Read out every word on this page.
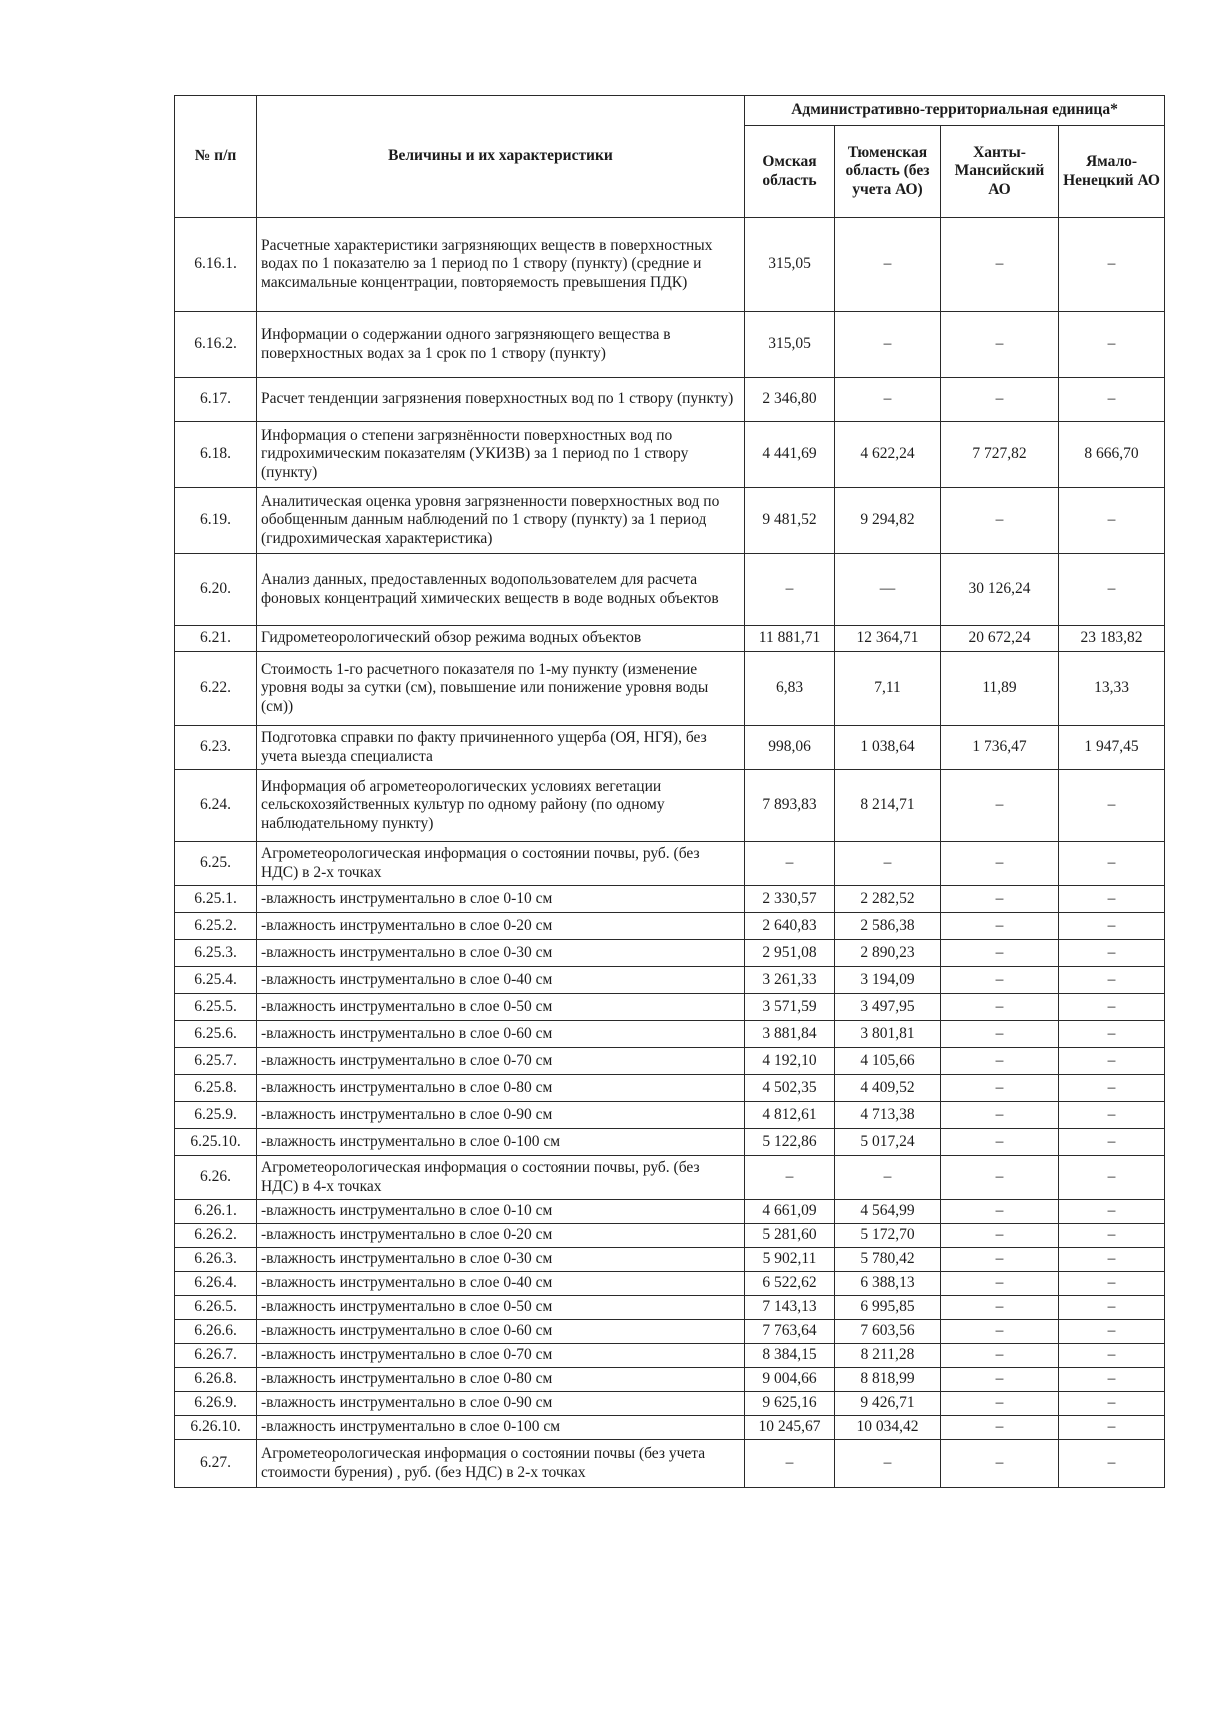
№ п/п	Величины и их характеристики	Административно-территориальная единица*			
		Омская область	Тюменская область (без учета АО)	Ханты-Мансийский АО	Ямало-Ненецкий АО
6.16.1.	Расчетные характеристики загрязняющих веществ в поверхностных водах по 1 показателю за 1 период по 1 створу (пункту) (средние и максимальные концентрации, повторяемость превышения ПДК)	315,05	–	–	–
6.16.2.	Информации о содержании одного загрязняющего вещества в поверхностных водах за 1 срок по 1 створу (пункту)	315,05	–	–	–
6.17.	Расчет тенденции загрязнения поверхностных вод по 1 створу (пункту)	2 346,80	–	–	–
6.18.	Информация о степени загрязнённости поверхностных вод по гидрохимическим показателям (УКИЗВ) за 1 период по 1 створу (пункту)	4 441,69	4 622,24	7 727,82	8 666,70
6.19.	Аналитическая оценка уровня загрязненности поверхностных вод по обобщенным данным наблюдений по 1 створу (пункту) за 1 период (гидрохимическая характеристика)	9 481,52	9 294,82	–	–
6.20.	Анализ данных, предоставленных водопользователем для расчета фоновых концентраций химических веществ в воде водных объектов	–	—	30 126,24	–
6.21.	Гидрометеорологический обзор режима водных объектов	11 881,71	12 364,71	20 672,24	23 183,82
6.22.	Стоимость 1-го расчетного показателя по 1-му пункту (изменение уровня воды за сутки (см), повышение или понижение уровня воды (см))	6,83	7,11	11,89	13,33
6.23.	Подготовка справки по факту причиненного ущерба (ОЯ, НГЯ), без учета выезда специалиста	998,06	1 038,64	1 736,47	1 947,45
6.24.	Информация об агрометеорологических условиях вегетации сельскохозяйственных культур по одному району (по одному наблюдательному пункту)	7 893,83	8 214,71	–	–
6.25.	Агрометеорологическая информация о состоянии почвы, руб. (без НДС) в 2-х точках	–	–	–	–
6.25.1.	-влажность инструментально в слое 0-10 см	2 330,57	2 282,52	–	–
6.25.2.	-влажность инструментально в слое 0-20 см	2 640,83	2 586,38	–	–
6.25.3.	-влажность инструментально в слое 0-30 см	2 951,08	2 890,23	–	–
6.25.4.	-влажность инструментально в слое 0-40 см	3 261,33	3 194,09	–	–
6.25.5.	-влажность инструментально в слое 0-50 см	3 571,59	3 497,95	–	–
6.25.6.	-влажность инструментально в слое 0-60 см	3 881,84	3 801,81	–	–
6.25.7.	-влажность инструментально в слое 0-70 см	4 192,10	4 105,66	–	–
6.25.8.	-влажность инструментально в слое 0-80 см	4 502,35	4 409,52	–	–
6.25.9.	-влажность инструментально в слое 0-90 см	4 812,61	4 713,38	–	–
6.25.10.	-влажность инструментально в слое 0-100 см	5 122,86	5 017,24	–	–
6.26.	Агрометеорологическая информация о состоянии почвы, руб. (без НДС) в 4-х точках	–	–	–	–
6.26.1.	-влажность инструментально в слое 0-10 см	4 661,09	4 564,99	–	–
6.26.2.	-влажность инструментально в слое 0-20 см	5 281,60	5 172,70	–	–
6.26.3.	-влажность инструментально в слое 0-30 см	5 902,11	5 780,42	–	–
6.26.4.	-влажность инструментально в слое 0-40 см	6 522,62	6 388,13	–	–
6.26.5.	-влажность инструментально в слое 0-50 см	7 143,13	6 995,85	–	–
6.26.6.	-влажность инструментально в слое 0-60 см	7 763,64	7 603,56	–	–
6.26.7.	-влажность инструментально в слое 0-70 см	8 384,15	8 211,28	–	–
6.26.8.	-влажность инструментально в слое 0-80 см	9 004,66	8 818,99	–	–
6.26.9.	-влажность инструментально в слое 0-90 см	9 625,16	9 426,71	–	–
6.26.10.	-влажность инструментально в слое 0-100 см	10 245,67	10 034,42	–	–
6.27.	Агрометеорологическая информация о состоянии почвы (без учета стоимости бурения) , руб. (без НДС) в 2-х точках	–	–	–	–
